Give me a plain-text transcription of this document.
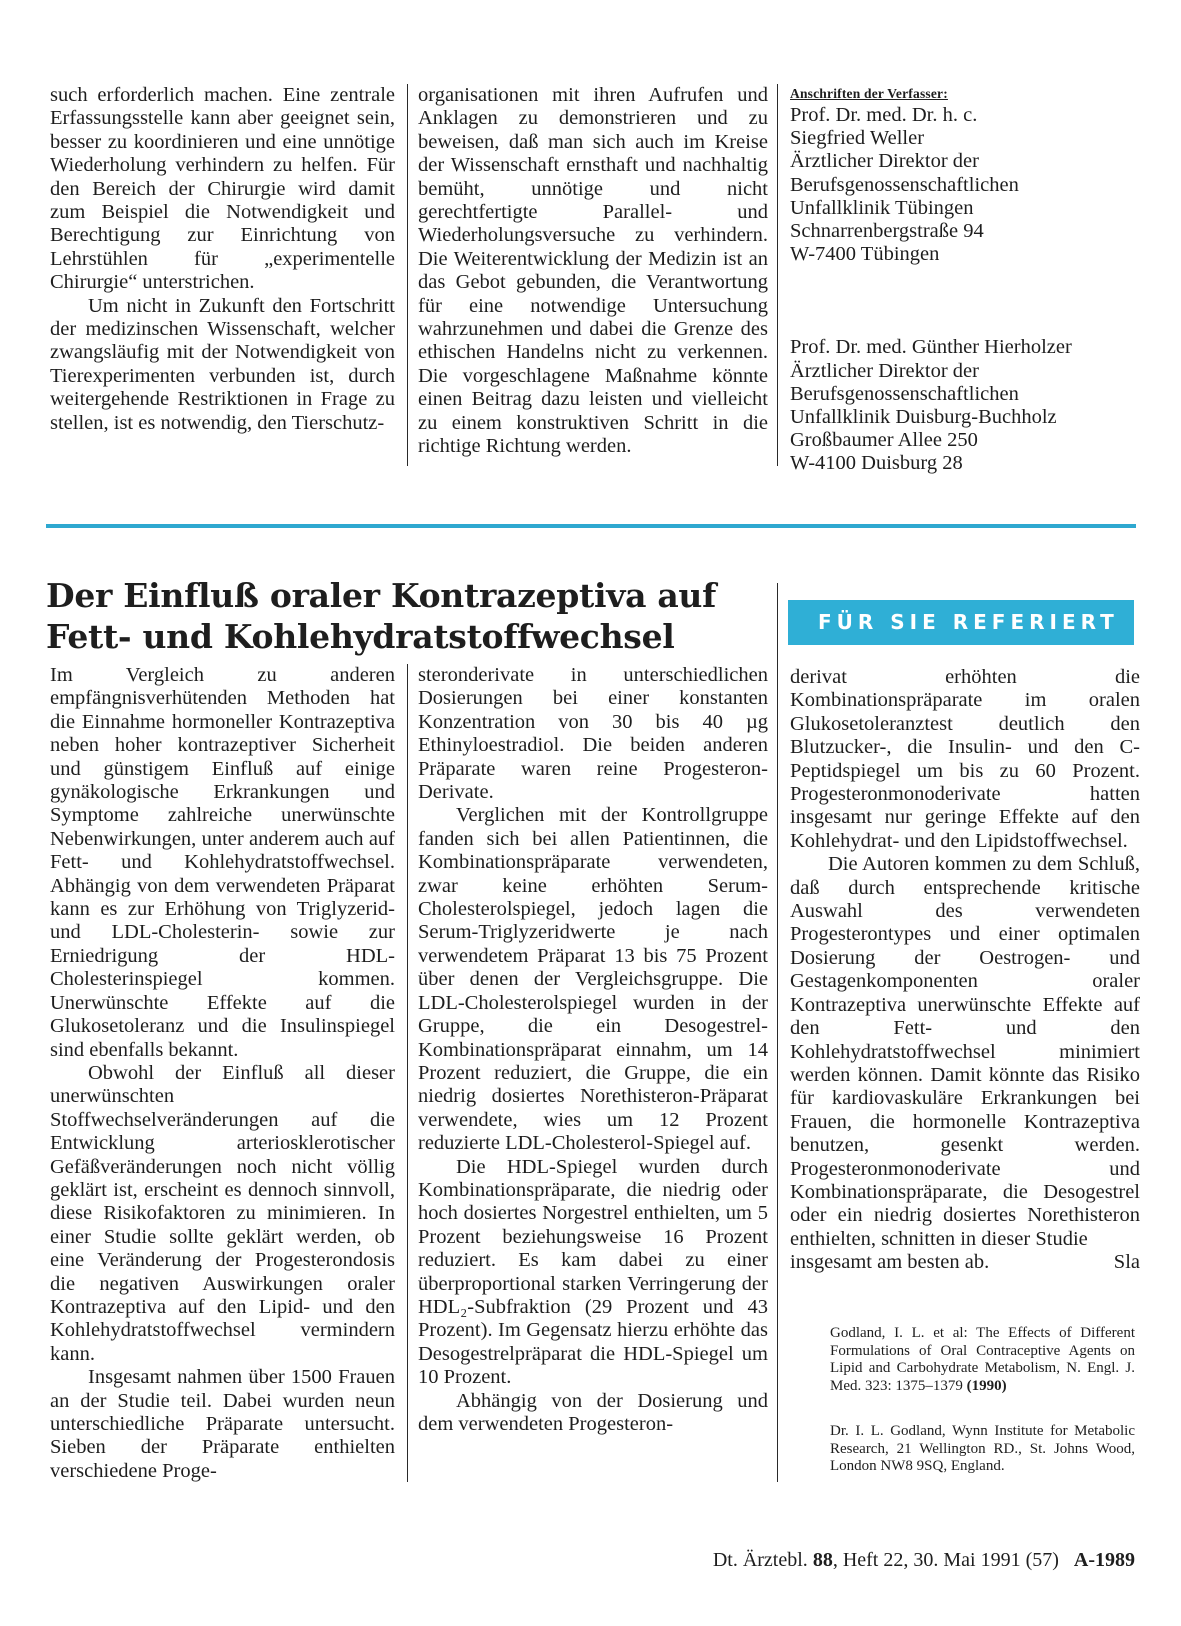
such erforderlich machen. Eine zentrale Erfassungsstelle kann aber geeignet sein, besser zu koordinieren und eine unnötige Wiederholung verhindern zu helfen. Für den Bereich der Chirurgie wird damit zum Beispiel die Notwendigkeit und Berechtigung zur Einrichtung von Lehrstühlen für „experimentelle Chirurgie“ unterstrichen.

Um nicht in Zukunft den Fortschritt der medizinschen Wissenschaft, welcher zwangsläufig mit der Notwendigkeit von Tierexperimenten verbunden ist, durch weitergehende Restriktionen in Frage zu stellen, ist es notwendig, den Tierschutz-

organisationen mit ihren Aufrufen und Anklagen zu demonstrieren und zu beweisen, daß man sich auch im Kreise der Wissenschaft ernsthaft und nachhaltig bemüht, unnötige und nicht gerechtfertigte Parallel- und Wiederholungsversuche zu verhindern. Die Weiterentwicklung der Medizin ist an das Gebot gebunden, die Verantwortung für eine notwendige Untersuchung wahrzunehmen und dabei die Grenze des ethischen Handelns nicht zu verkennen. Die vorgeschlagene Maßnahme könnte einen Beitrag dazu leisten und vielleicht zu einem konstruktiven Schritt in die richtige Richtung werden.

Anschriften der Verfasser:

Prof. Dr. med. Dr. h. c.
Siegfried Weller
Ärztlicher Direktor der
Berufsgenossenschaftlichen
Unfallklinik Tübingen
Schnarrenbergstraße 94
W-7400 Tübingen

Prof. Dr. med. Günther Hierholzer
Ärztlicher Direktor der
Berufsgenossenschaftlichen
Unfallklinik Duisburg-Buchholz
Großbaumer Allee 250
W-4100 Duisburg 28

Der Einfluß oraler Kontrazeptiva auf
Fett- und Kohlehydratstoffwechsel	FÜR SIE REFERIERT

Im Vergleich zu anderen empfängnisverhütenden Methoden hat die Einnahme hormoneller Kontrazeptiva neben hoher kontrazeptiver Sicherheit und günstigem Einfluß auf einige gynäkologische Erkrankungen und Symptome zahlreiche unerwünschte Nebenwirkungen, unter anderem auch auf Fett- und Kohlehydratstoffwechsel. Abhängig von dem verwendeten Präparat kann es zur Erhöhung von Triglyzerid- und LDL-Cholesterin- sowie zur Erniedrigung der HDL-Cholesterinspiegel kommen. Unerwünschte Effekte auf die Glukosetoleranz und die Insulinspiegel sind ebenfalls bekannt.

Obwohl der Einfluß all dieser unerwünschten Stoffwechselveränderungen auf die Entwicklung arteriosklerotischer Gefäßveränderungen noch nicht völlig geklärt ist, erscheint es dennoch sinnvoll, diese Risikofaktoren zu minimieren. In einer Studie sollte geklärt werden, ob eine Veränderung der Progesterondosis die negativen Auswirkungen oraler Kontrazeptiva auf den Lipid- und den Kohlehydratstoffwechsel vermindern kann.

Insgesamt nahmen über 1500 Frauen an der Studie teil. Dabei wurden neun unterschiedliche Präparate untersucht. Sieben der Präparate enthielten verschiedene Proge-

steronderivate in unterschiedlichen Dosierungen bei einer konstanten Konzentration von 30 bis 40 µg Ethinyloestradiol. Die beiden anderen Präparate waren reine Progesteron-Derivate.

Verglichen mit der Kontrollgruppe fanden sich bei allen Patientinnen, die Kombinationspräparate verwendeten, zwar keine erhöhten Serum-Cholesterolspiegel, jedoch lagen die Serum-Triglyzeridwerte je nach verwendetem Präparat 13 bis 75 Prozent über denen der Vergleichsgruppe. Die LDL-Cholesterolspiegel wurden in der Gruppe, die ein Desogestrel-Kombinationspräparat einnahm, um 14 Prozent reduziert, die Gruppe, die ein niedrig dosiertes Norethisteron-Präparat verwendete, wies um 12 Prozent reduzierte LDL-Cholesterol-Spiegel auf.

Die HDL-Spiegel wurden durch Kombinationspräparate, die niedrig oder hoch dosiertes Norgestrel enthielten, um 5 Prozent beziehungsweise 16 Prozent reduziert. Es kam dabei zu einer überproportional starken Verringerung der HDL₂-Subfraktion (29 Prozent und 43 Prozent). Im Gegensatz hierzu erhöhte das Desogestrelpräparat die HDL-Spiegel um 10 Prozent.

Abhängig von der Dosierung und dem verwendeten Progesteron-

derivat erhöhten die Kombinationspräparate im oralen Glukosetoleranztest deutlich den Blutzucker-, die Insulin- und den C-Peptidspiegel um bis zu 60 Prozent. Progesteronmonoderivate hatten insgesamt nur geringe Effekte auf den Kohlehydrat- und den Lipidstoffwechsel.

Die Autoren kommen zu dem Schluß, daß durch entsprechende kritische Auswahl des verwendeten Progesterontypes und einer optimalen Dosierung der Oestrogen- und Gestagenkomponenten oraler Kontrazeptiva unerwünschte Effekte auf den Fett- und den Kohlehydratstoffwechsel minimiert werden können. Damit könnte das Risiko für kardiovaskuläre Erkrankungen bei Frauen, die hormonelle Kontrazeptiva benutzen, gesenkt werden. Progesteronmonoderivate und Kombinationspräparate, die Desogestrel oder ein niedrig dosiertes Norethisteron enthielten, schnitten in dieser Studie

insgesamt am besten ab.	Sla

Godland, I. L. et al: The Effects of Different Formulations of Oral Contraceptive Agents on Lipid and Carbohydrate Metabolism, N. Engl. J. Med. 323: 1375–1379 (1990)

Dr. I. L. Godland, Wynn Institute for Metabolic Research, 21 Wellington RD., St. Johns Wood, London NW8 9SQ, England.

Dt. Ärztebl. 88, Heft 22, 30. Mai 1991 (57) A-1989
